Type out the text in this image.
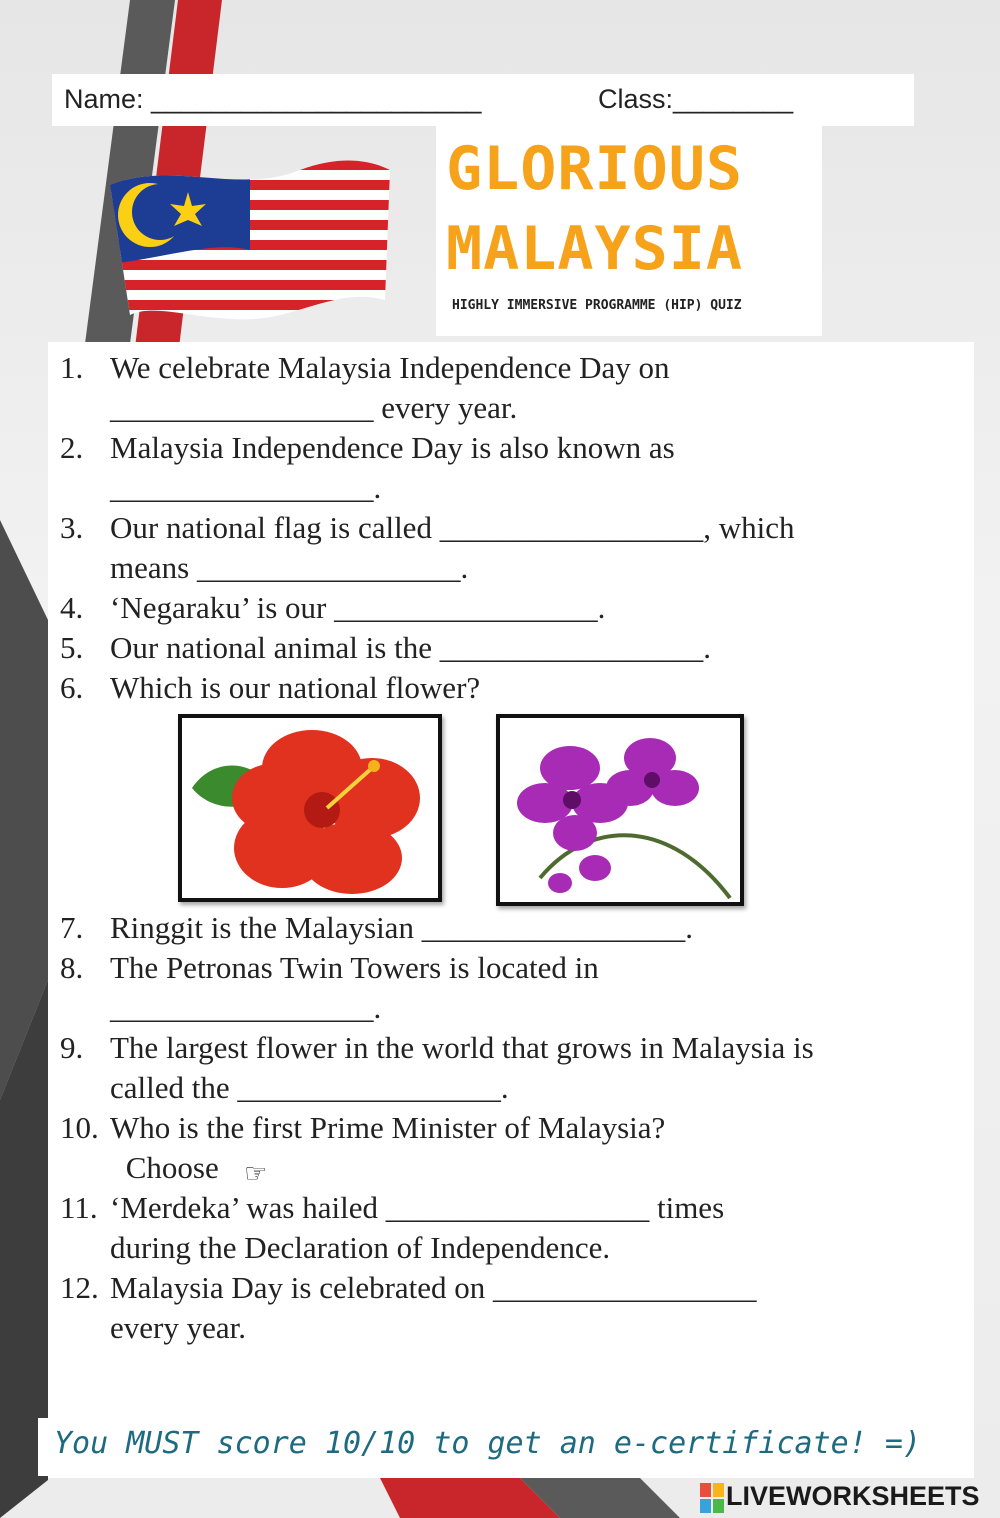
Name: ______________________	Class:________
GLORIOUS
MALAYSIA
HIGHLY IMMERSIVE PROGRAMME (HIP) QUIZ
1. We celebrate Malaysia Independence Day on
_________________ every year.
2. Malaysia Independence Day is also known as
_________________.
3. Our national flag is called _________________, which
means _________________.
4. ‘Negaraku’ is our _________________.
5. Our national animal is the _________________.
6. Which is our national flower?
7. Ringgit is the Malaysian _________________.
8. The Petronas Twin Towers is located in
_________________.
9. The largest flower in the world that grows in Malaysia is
called the _________________.
10. Who is the first Prime Minister of Malaysia?
Choose ☞
11. ‘Merdeka’ was hailed _________________ times
during the Declaration of Independence.
12. Malaysia Day is celebrated on _________________
every year.
You MUST score 10/10 to get an e-certificate! =)
LIVEWORKSHEETS
